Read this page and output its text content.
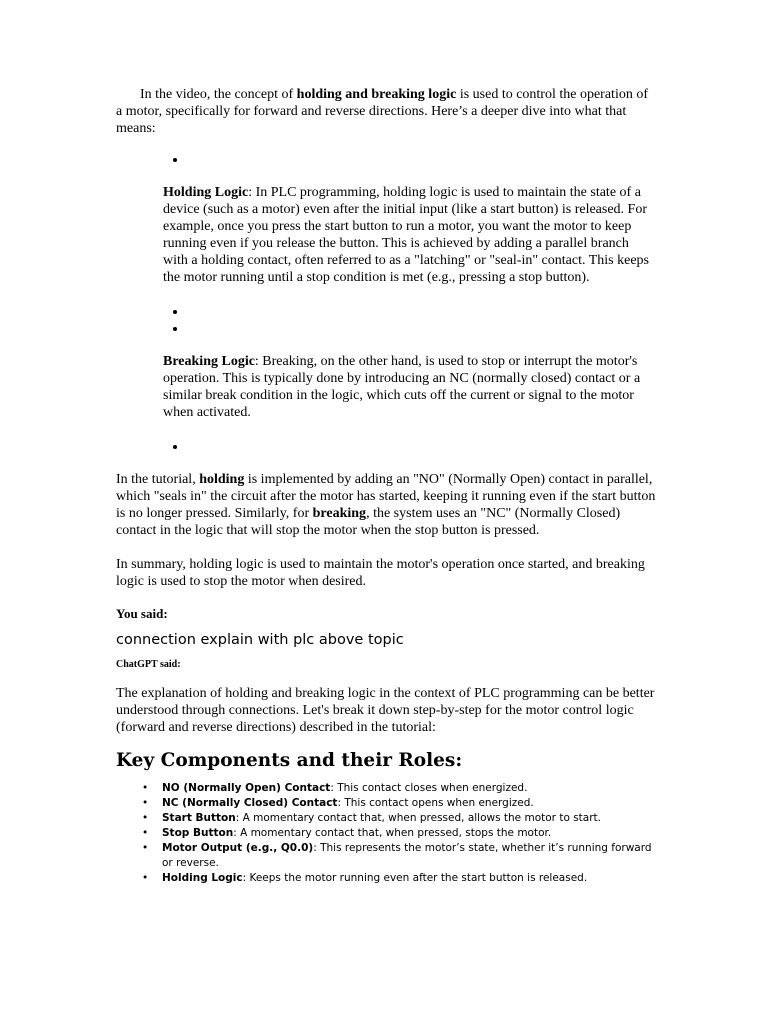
In the video, the concept of holding and breaking logic is used to control the operation of a motor, specifically for forward and reverse directions. Here’s a deeper dive into what that means:

•

Holding Logic: In PLC programming, holding logic is used to maintain the state of a device (such as a motor) even after the initial input (like a start button) is released. For example, once you press the start button to run a motor, you want the motor to keep running even if you release the button. This is achieved by adding a parallel branch with a holding contact, often referred to as a "latching" or "seal-in" contact. This keeps the motor running until a stop condition is met (e.g., pressing a stop button).

•
•

Breaking Logic: Breaking, on the other hand, is used to stop or interrupt the motor's operation. This is typically done by introducing an NC (normally closed) contact or a similar break condition in the logic, which cuts off the current or signal to the motor when activated.

•

In the tutorial, holding is implemented by adding an "NO" (Normally Open) contact in parallel, which "seals in" the circuit after the motor has started, keeping it running even if the start button is no longer pressed. Similarly, for breaking, the system uses an "NC" (Normally Closed) contact in the logic that will stop the motor when the stop button is pressed.

In summary, holding logic is used to maintain the motor's operation once started, and breaking logic is used to stop the motor when desired.

You said:

connection explain with plc above topic

ChatGPT said:

The explanation of holding and breaking logic in the context of PLC programming can be better understood through connections. Let's break it down step-by-step for the motor control logic (forward and reverse directions) described in the tutorial:

Key Components and their Roles:
• NO (Normally Open) Contact: This contact closes when energized.
• NC (Normally Closed) Contact: This contact opens when energized.
• Start Button: A momentary contact that, when pressed, allows the motor to start.
• Stop Button: A momentary contact that, when pressed, stops the motor.
• Motor Output (e.g., Q0.0): This represents the motor’s state, whether it’s running forward or reverse.
• Holding Logic: Keeps the motor running even after the start button is released.
